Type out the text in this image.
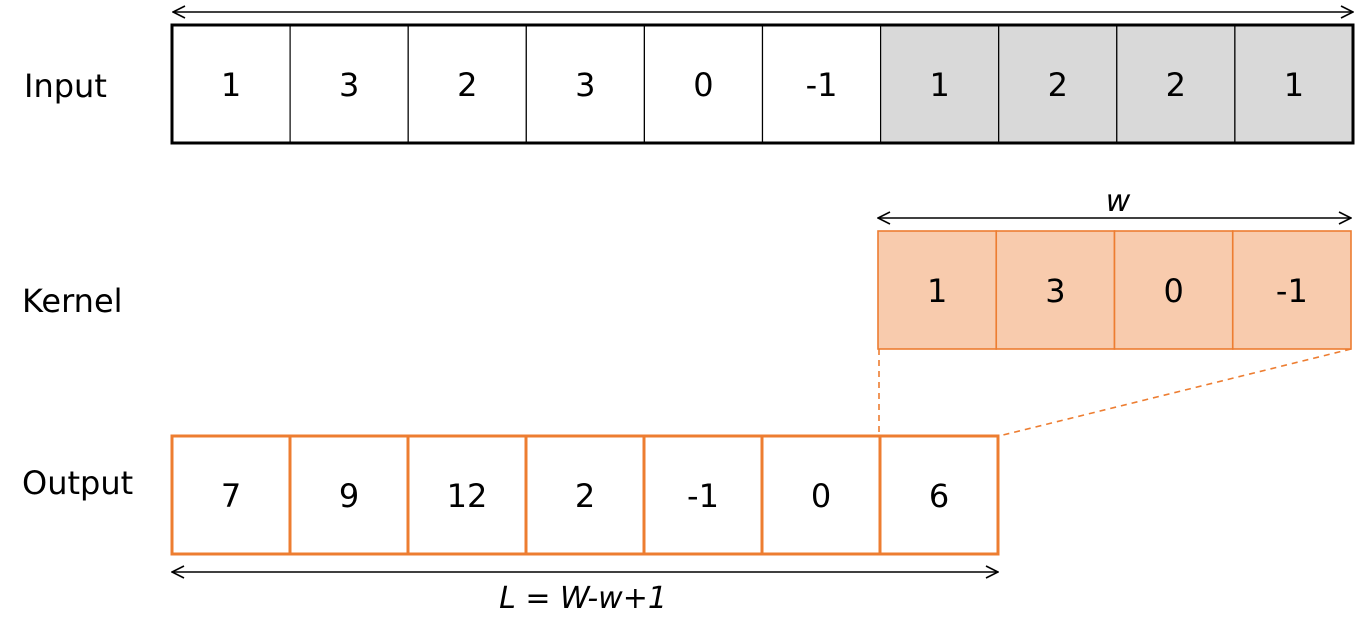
Input
Kernel
Output
w
L = W-w+1
1	3	2	3	0	-1	1	2	2	1
1	3	0	-1
7	9	12	2	-1	0	6
